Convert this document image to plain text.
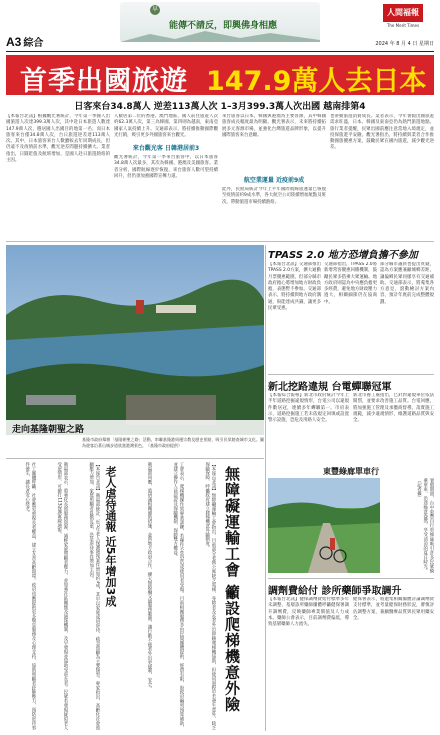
A3 綜合
早
能傳不請反，即興佛身相應
人間福報
The Merit Times
2024 年 8 月 4 日 星期日
首季出國旅遊 147.9萬人去日本
日客來台34.8萬人 逆差113萬人次 1–3月399.3萬人次出國 越南排第4
【本報台北訊】根據觀光署統計，今年第一季國人出國旅遊人次達399.3萬人次，其中赴日本旅遊人數達147.9萬人次，穩居國人出國目的地第一名；而日本旅客來台僅34.8萬人次，台日旅遊逆差達113萬人次。其中，日本旅客來台人數雖較去年同期成長，但仍遠不及疫情前水準，觀光逆差問題持續擴大。業者指出，日圓貶值及航班增加，是國人赴日旅遊熱絡的主因。
人數居第二位的香港、澳門地區，國人前往旅遊人次約62.3萬人次，第三為韓國、第四則為越南，東南亞國家人氣持續上升。交通部表示，將持續推動國際觀光行銷，吸引更多外國旅客來台觀光。
來台觀光客 日韓港居前3
觀光署統計，今年第一季來台旅客中，以日本旅客34.8萬人次最多，其次為韓國、港澳及美國旅客。業者分析，國際航線逐步恢復，來台旅客人數可望持續回升，但仍須加強國際宣傳力道。
來台旅客以日本、韓國與港澳為主要客源，其中韓國旅客成長幅度最為明顯。觀光署表示，未來將持續拓展多元客源市場，並強化台灣旅遊品牌形象，以提升國際旅客來台意願。
航空業運量 近疫前9成
此外，民航局統計今年上半年國際航線旅運量已恢復至疫情前約9成水準，各大航空公司陸續增加航點及班次，帶動旅遊市場持續熱絡。
也帶動旅遊消費成長。業者表示，今年暑假出國旅遊需求旺盛，日本、韓國及東南亞仍為熱門旅遊地點。旅行業者提醒，民眾出國前應注意當地入境規定，並投保旅遊平安險。觀光署指出，將持續與業者合作推動國旅優惠方案，鼓勵民眾在國內旅遊，減少觀光逆差。
走向基隆朝聖之路
基隆市政府舉辦「基隆朝聖之路」活動，串聯基隆港周邊宗教及歷史景點，吸引民眾踏查城市文化。圖為遊客沿著山城步道欣賞港灣景色。（基隆市政府提供）
TPASS 2.0 地方恐增負擔不參加
【本報台北訊】交通部推出TPASS 2.0方案，擴大通勤月票優惠範圍，但部分縣市政府擔心將增加地方財政負擔，表態暫不參加。交通部表示，將持續與地方政府溝通，盼能達成共識，讓更多民眾受惠。
交通部指出，TPASS 2.0將新增常客優惠回饋機制，鼓勵民眾多搭乘大眾運輸。地方政府則認為中央應負擔更多經費，避免地方財政壓力過大，相關細節仍在協商中。
部分縣市議員也提出質疑，認為方案應兼顧城鄉差距，讓偏鄉民眾同樣享有交通補助。交通部表示，將蒐集各方意見，滾動檢討方案內容，預計年底前完成整體規劃。
新北挖路違規 台電蟬聯冠軍
【本報綜合報導】新北市政府統計今年上半年道路挖掘違規情形，台電公司以違規件數居冠，連續多年蟬聯第一。市府表示，道路挖掘施工若未依規定回填或設置警示設施，恐危及用路人安全。
新北市養工處指出，已針對違規單位依法開罰，並要求改善施工品質。台電回應，將加強施工管理及承攬商督導，落實施工規範，減少違規情形，維護道路品質與安全。
東豐綠廊單車行
暑假期間，台中東豐自行車綠廊吸引許多民眾騎乘單車，沿途綠意盎然，享受清涼的夏日時光。（記者攝）
調劑費給付 診所藥師爭取調升
【本報台北訊】健保調劑費給付標準多年未調整，基層診所藥師團體呼籲健保署調升調劑費，反映藥師專業價值及人力成本。藥師公會表示，目前調劑費偏低，導致基層藥師人力流失。
健保署表示，將邀集相關團體討論調劑費支付標準，並考量健保財務狀況，審慎評估調整方案，兼顧醫療品質與民眾用藥安全。
社工團體呼籲，社會應更重視長者權益，建立友善高齡環境。政府也應提供更多喘息服務及心理支持，協助照顧者紓解壓力，預防虐待事件發生，讓長者安心終老。	衛福部表示，將強化長照服務資源，減輕家庭照顧者壓力，並加強社區關懷及通報機制，及早發現並協助受虐長者。民眾若發現疑似老人受虐情形，可撥打113保護專線通報。	【本報台北訊】衛福部統計，近5年老人保護通報案件增加約3成，其中以家庭成員虐待、疏忽照顧為主要類型。專家指出，高齡化社會照顧壓力增加，家庭照顧者負擔沉重，恐是虐待事件增加主因。 老人虐待通報 近5年增加3成	衛福部回應，將研議相關補助措施，並與地方政府合作，擴大無障礙交通服務範圍，讓行動不便者外出更便利、安全。	工會表示，爬梯機操作需專業訓練，若操作不當恐造成使用者受傷。目前相關服務多由民間團體提供，經費有限，盼政府編列預算補助，並建立操作人員認證及保險機制，保障雙方權益。	【本報台北訊】無障礙運輸工會指出，目前部分老舊公寓缺乏電梯，身障者及長者外出仰賴爬梯機協助，但使用過程中若發生意外，缺乏保險保障，呼籲政府建立爬梯機意外險制度。 無障礙運輸工會 籲設爬梯機意外險
